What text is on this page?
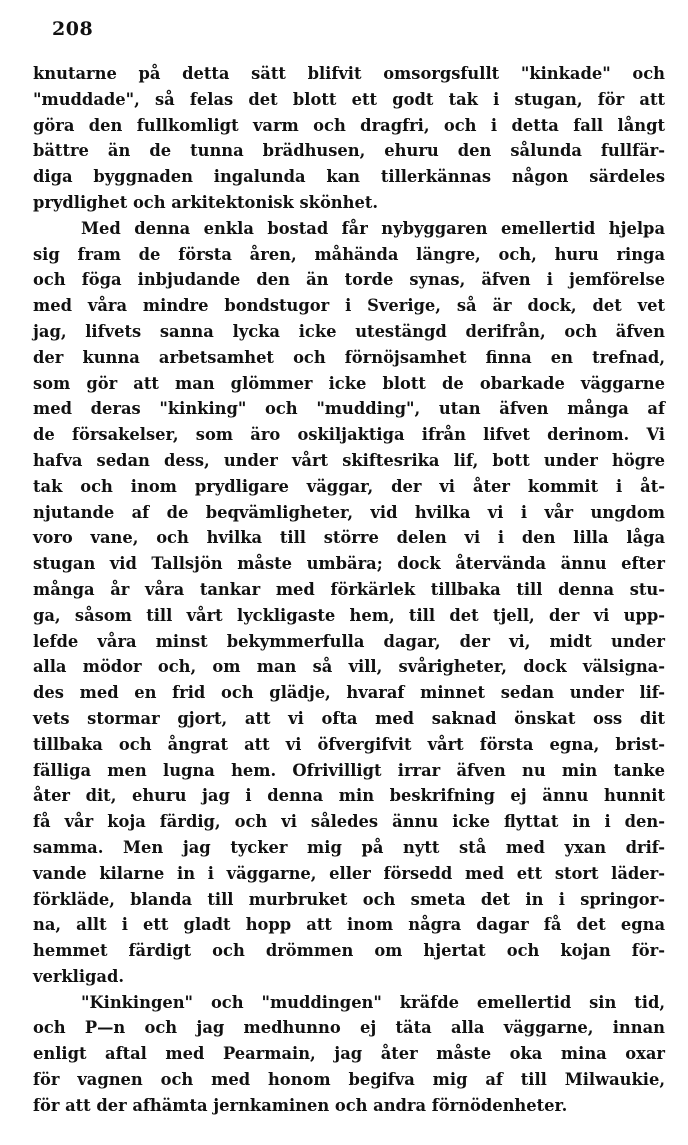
208
knutarne på detta sätt blifvit omsorgsfullt "kinkade" och
"muddade", så felas det blott ett godt tak i stugan, för att
göra den fullkomligt varm och dragfri, och i detta fall långt
bättre än de tunna brädhusen, ehuru den sålunda fullfär-
diga byggnaden ingalunda kan tillerkännas någon särdeles
prydlighet och arkitektonisk skönhet.
Med denna enkla bostad får nybyggaren emellertid hjelpa
sig fram de första åren, måhända längre, och, huru ringa
och föga inbjudande den än torde synas, äfven i jemförelse
med våra mindre bondstugor i Sverige, så är dock, det vet
jag, lifvets sanna lycka icke utestängd derifrån, och äfven
der kunna arbetsamhet och förnöjsamhet finna en trefnad,
som gör att man glömmer icke blott de obarkade väggarne
med deras "kinking" och "mudding", utan äfven många af
de försakelser, som äro oskiljaktiga ifrån lifvet derinom. Vi
hafva sedan dess, under vårt skiftesrika lif, bott under högre
tak och inom prydligare väggar, der vi åter kommit i åt-
njutande af de beqvämligheter, vid hvilka vi i vår ungdom
voro vane, och hvilka till större delen vi i den lilla låga
stugan vid Tallsjön måste umbära; dock återvända ännu efter
många år våra tankar med förkärlek tillbaka till denna stu-
ga, såsom till vårt lyckligaste hem, till det tjell, der vi upp-
lefde våra minst bekymmerfulla dagar, der vi, midt under
alla mödor och, om man så vill, svårigheter, dock välsigna-
des med en frid och glädje, hvaraf minnet sedan under lif-
vets stormar gjort, att vi ofta med saknad önskat oss dit
tillbaka och ångrat att vi öfvergifvit vårt första egna, brist-
fälliga men lugna hem. Ofrivilligt irrar äfven nu min tanke
åter dit, ehuru jag i denna min beskrifning ej ännu hunnit
få vår koja färdig, och vi således ännu icke flyttat in i den-
samma. Men jag tycker mig på nytt stå med yxan drif-
vande kilarne in i väggarne, eller försedd med ett stort läder-
förkläde, blanda till murbruket och smeta det in i springor-
na, allt i ett gladt hopp att inom några dagar få det egna
hemmet färdigt och drömmen om hjertat och kojan för-
verkligad.
"Kinkingen" och "muddingen" kräfde emellertid sin tid,
och P—n och jag medhunno ej täta alla väggarne, innan
enligt aftal med Pearmain, jag åter måste oka mina oxar
för vagnen och med honom begifva mig af till Milwaukie,
för att der afhämta jernkaminen och andra förnödenheter.
